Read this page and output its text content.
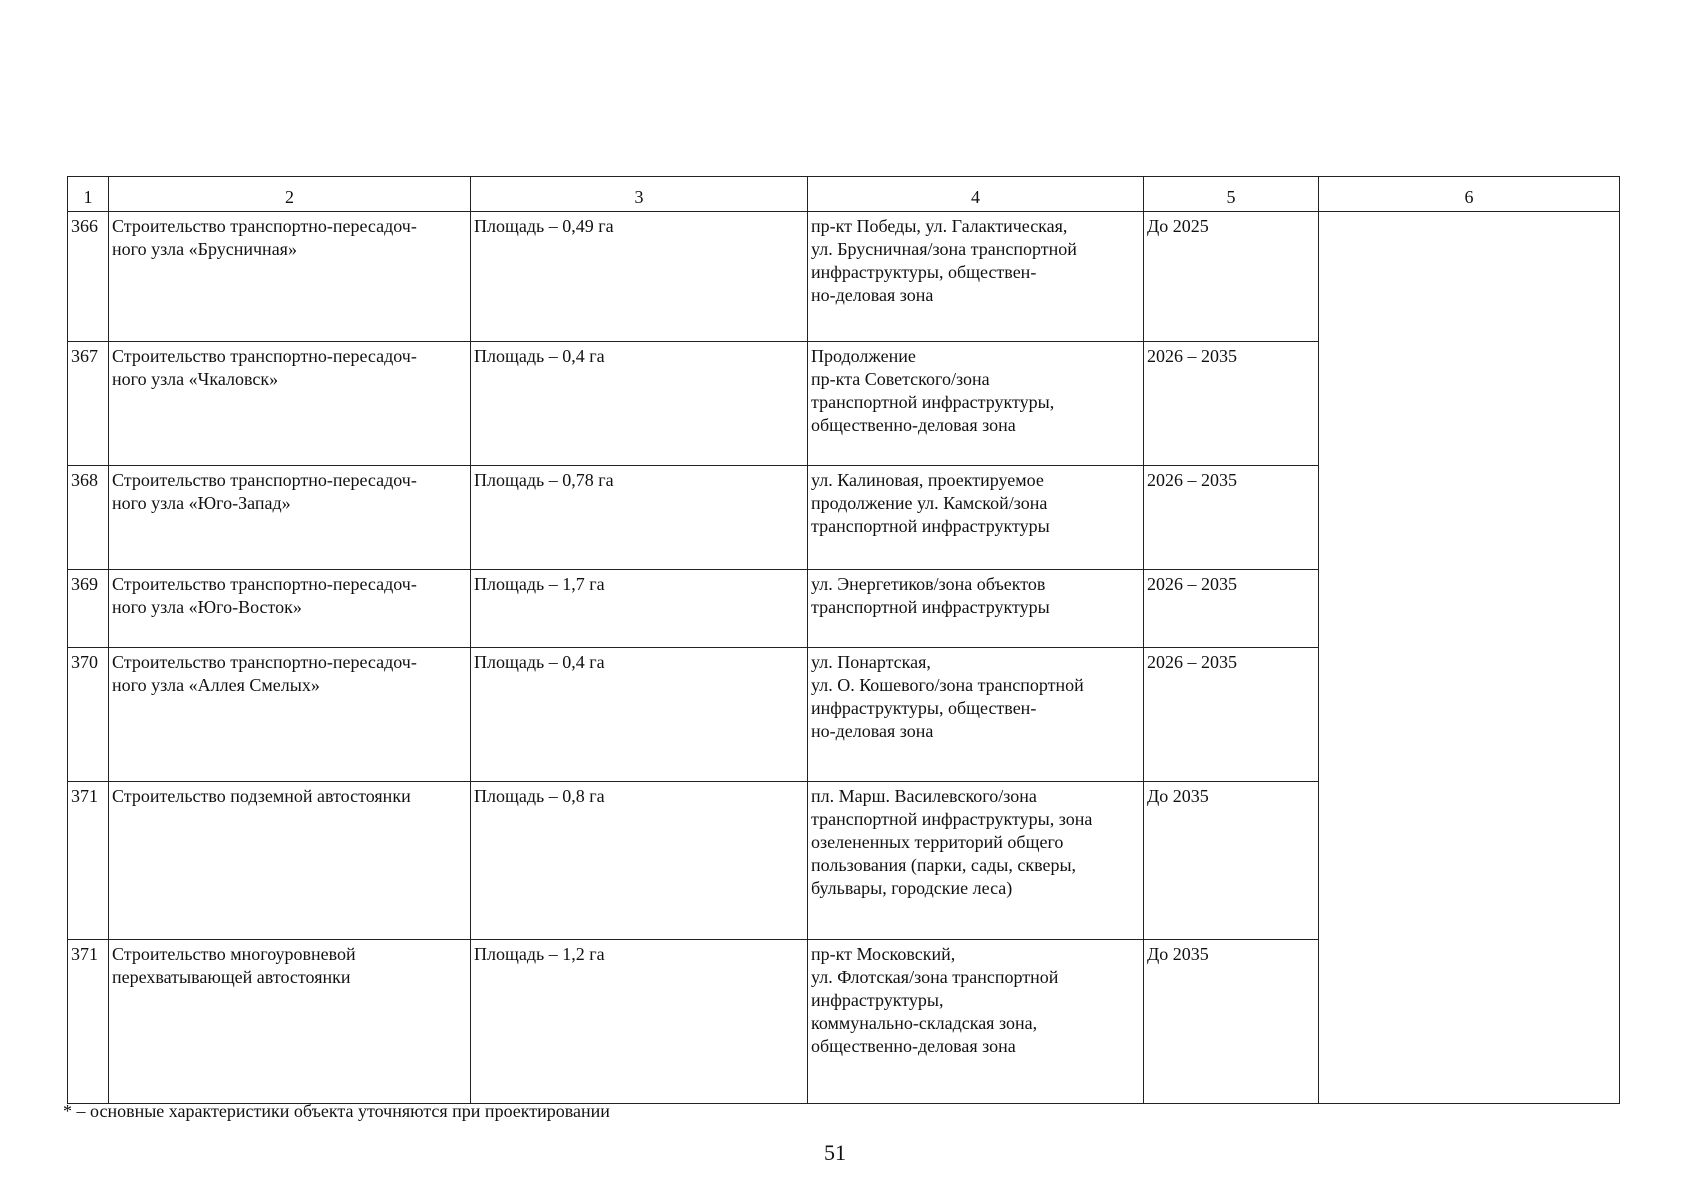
1	2	3	4	5	6
366	Строительство транспортно-пересадоч-
ного узла «Брусничная»	Площадь – 0,49 га	пр-кт Победы, ул. Галактическая,
ул. Брусничная/зона транспортной
инфраструктуры, обществен-
но-деловая зона	До 2025	
367	Строительство транспортно-пересадоч-
ного узла «Чкаловск»	Площадь – 0,4 га	Продолжение
пр-кта Советского/зона
транспортной инфраструктуры,
общественно-деловая зона	2026 – 2035	
368	Строительство транспортно-пересадоч-
ного узла «Юго-Запад»	Площадь – 0,78 га	ул. Калиновая, проектируемое
продолжение ул. Камской/зона
транспортной инфраструктуры	2026 – 2035	
369	Строительство транспортно-пересадоч-
ного узла «Юго-Восток»	Площадь – 1,7 га	ул. Энергетиков/зона объектов
транспортной инфраструктуры	2026 – 2035	
370	Строительство транспортно-пересадоч-
ного узла «Аллея Смелых»	Площадь – 0,4 га	ул. Понартская,
ул. О. Кошевого/зона транспортной
инфраструктуры, обществен-
но-деловая зона	2026 – 2035	
371	Строительство подземной автостоянки	Площадь – 0,8 га	пл. Марш. Василевского/зона
транспортной инфраструктуры, зона
озелененных территорий общего
пользования (парки, сады, скверы,
бульвары, городские леса)	До 2035	
371	Строительство многоуровневой
перехватывающей автостоянки	Площадь – 1,2 га	пр-кт Московский,
ул. Флотская/зона транспортной
инфраструктуры,
коммунально-складская зона,
общественно-деловая зона	До 2035	
* – основные характеристики объекта уточняются при проектировании
51
